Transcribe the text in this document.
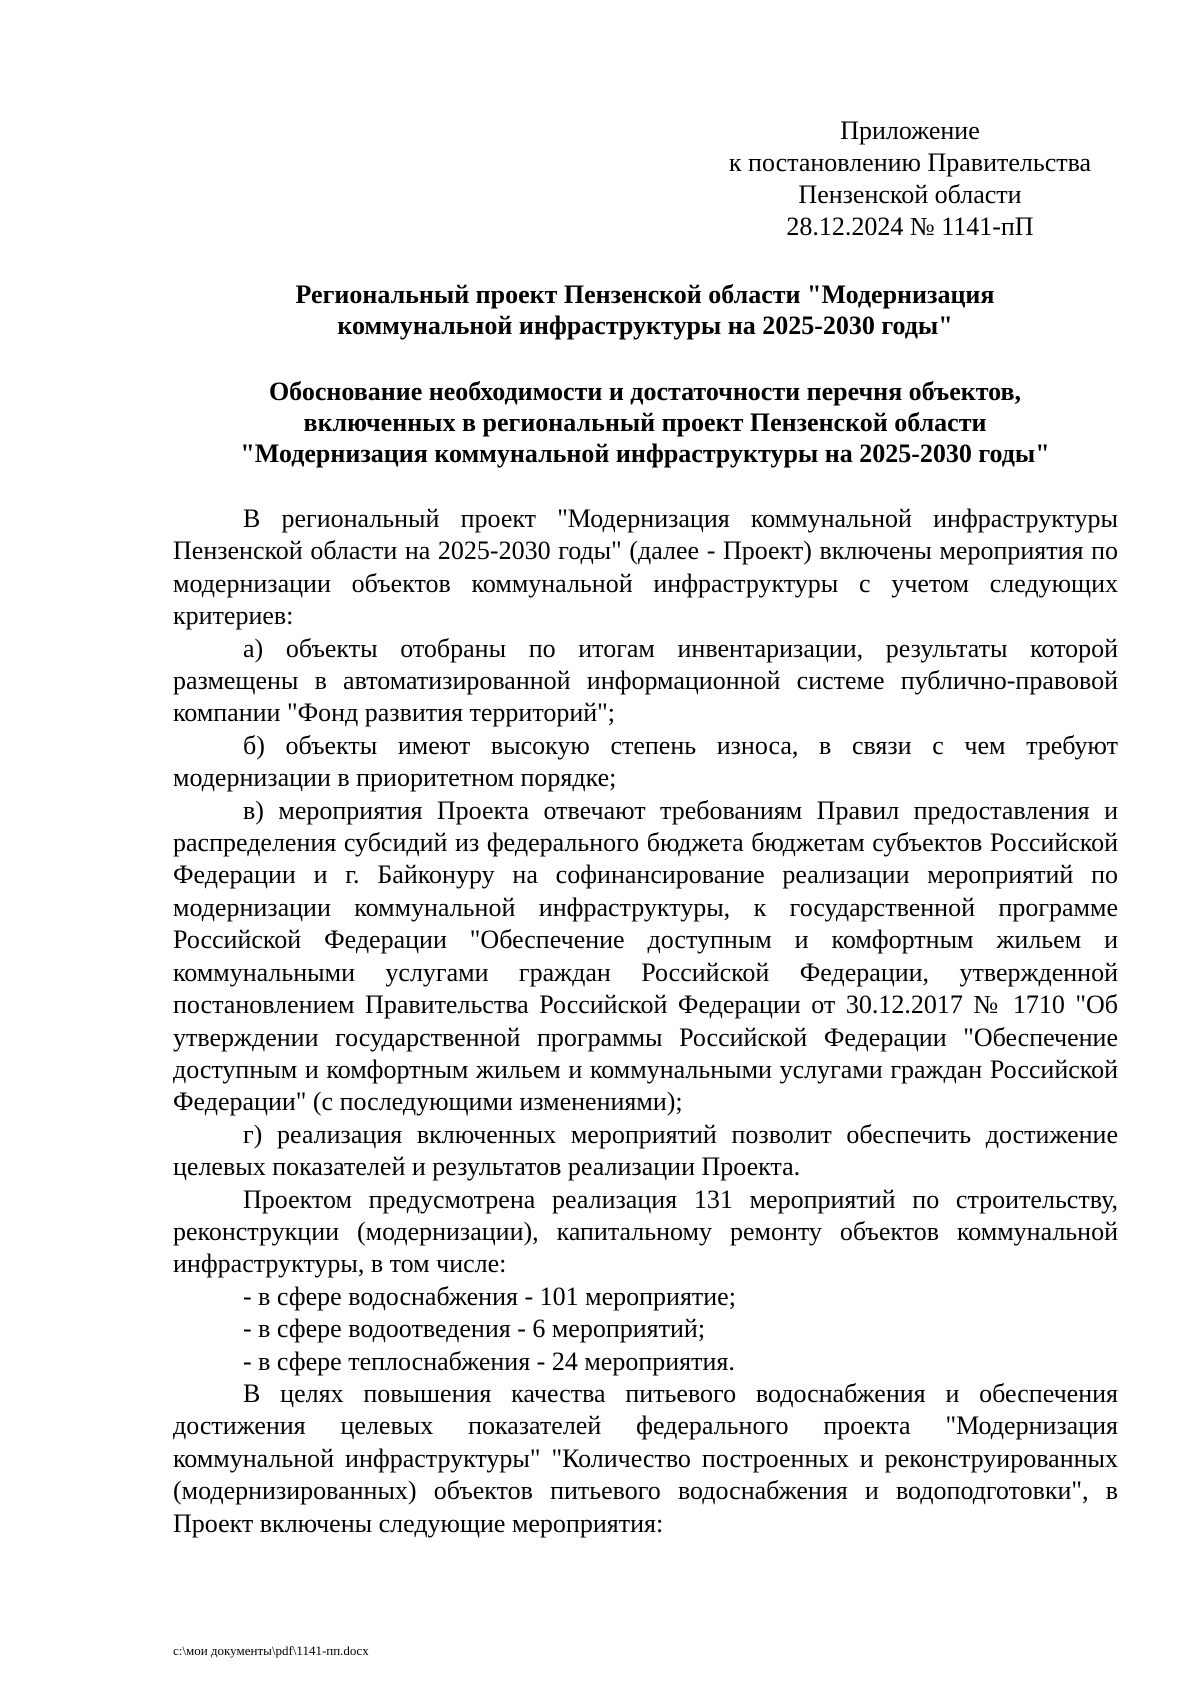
Приложение
к постановлению Правительства
Пензенской области
28.12.2024 № 1141-пП
Региональный проект Пензенской области "Модернизация
коммунальной инфраструктуры на 2025-2030 годы"
Обоснование необходимости и достаточности перечня объектов,
включенных в региональный проект Пензенской области
"Модернизация коммунальной инфраструктуры на 2025-2030 годы"

В региональный проект "Модернизация коммунальной инфраструктуры Пензенской области на 2025-2030 годы" (далее - Проект) включены мероприятия по модернизации объектов коммунальной инфраструктуры с учетом следующих критериев:

а) объекты отобраны по итогам инвентаризации, результаты которой размещены в автоматизированной информационной системе публично-правовой компании "Фонд развития территорий";

б) объекты имеют высокую степень износа, в связи с чем требуют модернизации в приоритетном порядке;

в) мероприятия Проекта отвечают требованиям Правил предоставления и распределения субсидий из федерального бюджета бюджетам субъектов Российской Федерации и г. Байконуру на софинансирование реализации мероприятий по модернизации коммунальной инфраструктуры, к государственной программе Российской Федерации "Обеспечение доступным и комфортным жильем и коммунальными услугами граждан Российской Федерации, утвержденной постановлением Правительства Российской Федерации от 30.12.2017 № 1710 "Об утверждении государственной программы Российской Федерации "Обеспечение доступным и комфортным жильем и коммунальными услугами граждан Российской Федерации" (с последующими изменениями);

г) реализация включенных мероприятий позволит обеспечить достижение целевых показателей и результатов реализации Проекта.

Проектом предусмотрена реализация 131 мероприятий по строительству, реконструкции (модернизации), капитальному ремонту объектов коммунальной инфраструктуры, в том числе:

- в сфере водоснабжения - 101 мероприятие;

- в сфере водоотведения - 6 мероприятий;

- в сфере теплоснабжения - 24 мероприятия.

В целях повышения качества питьевого водоснабжения и обеспечения достижения целевых показателей федерального проекта "Модернизация коммунальной инфраструктуры" "Количество построенных и реконструированных (модернизированных) объектов питьевого водоснабжения и водоподготовки", в Проект включены следующие мероприятия:

c:\мои документы\pdf\1141-пп.docx
